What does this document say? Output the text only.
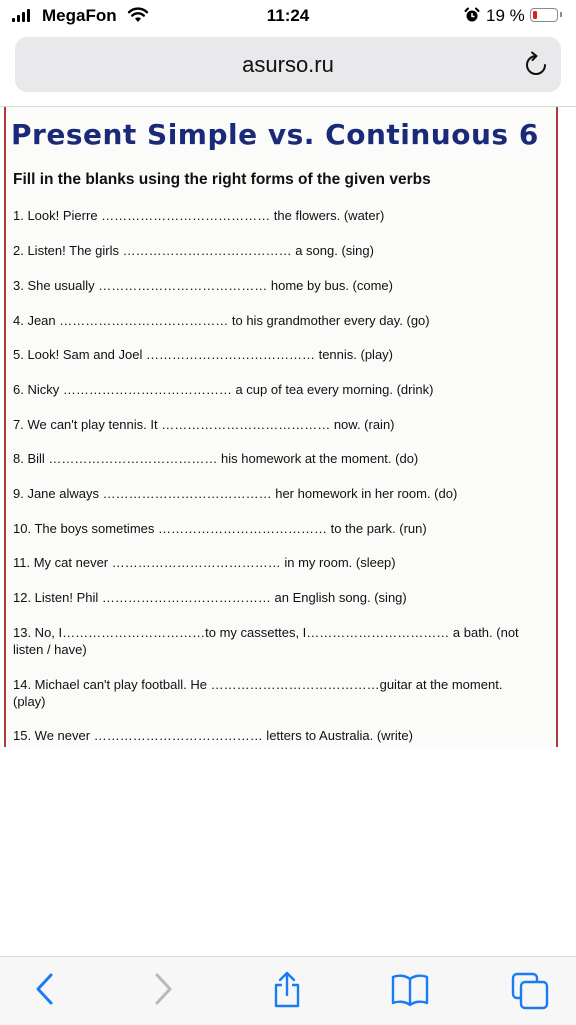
MegaFon	11:24	19 %
asurso.ru
Present Simple vs. Continuous 6
Fill in the blanks using the right forms of the given verbs
1. Look! Pierre ………………………………… the flowers. (water)
2. Listen! The girls ………………………………… a song. (sing)
3. She usually ………………………………… home by bus. (come)
4. Jean ………………………………… to his grandmother every day. (go)
5. Look! Sam and Joel ………………………………… tennis. (play)
6. Nicky ………………………………… a cup of tea every morning. (drink)
7. We can't play tennis. It ………………………………… now. (rain)
8. Bill ………………………………… his homework at the moment. (do)
9. Jane always ………………………………… her homework in her room. (do)
10. The boys sometimes ………………………………… to the park. (run)
11. My cat never ………………………………… in my room. (sleep)
12. Listen! Phil ………………………………… an English song. (sing)
13. No, I……………………………to my cassettes, I…………………………… a bath. (not listen / have)
14. Michael can't play football. He …………………………………guitar at the moment. (play)
15. We never ………………………………… letters to Australia. (write)
